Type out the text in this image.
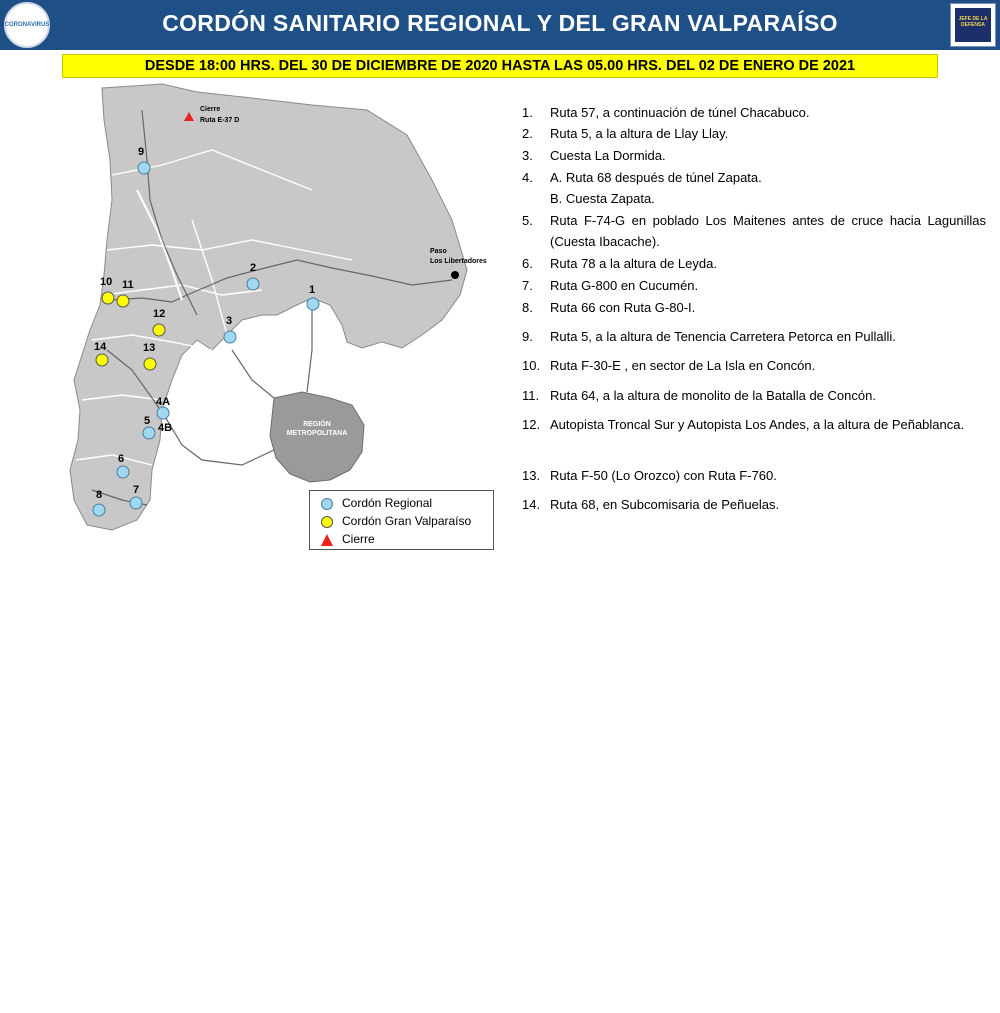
CORONAVIRUS	CORDÓN SANITARIO REGIONAL Y DEL GRAN VALPARAÍSO	JEFE DE LA DEFENSA
DESDE 18:00 HRS. DEL 30 DE DICIEMBRE DE 2020 HASTA LAS 05.00 HRS. DEL 02 DE ENERO DE 2021
REGIÓN
METROPOLITANA
Cierre
Ruta E-37 D
Paso
Los Libertadores
9
10 11
2
1
12
3
14	13
4A
5
4B
6
7
8
Cordón Regional
Cordón Gran Valparaíso
Cierre
1.	Ruta 57, a continuación de túnel Chacabuco.
2.	Ruta 5, a la altura de Llay Llay.
3.	Cuesta La Dormida.
4.	A. Ruta 68 después de túnel Zapata.
B. Cuesta Zapata.
5.	Ruta F-74-G en poblado Los Maitenes antes de cruce hacia Lagunillas (Cuesta Ibacache).
6.	Ruta 78 a la altura de Leyda.
7.	Ruta G-800 en Cucumén.
8.	Ruta 66 con Ruta G-80-I.
9.	Ruta 5, a la altura de Tenencia Carretera Petorca en Pullalli.
10. Ruta F-30-E , en sector de La Isla en Concón.
11. Ruta 64, a la altura de monolito de la Batalla de Concón.
12. Autopista Troncal Sur y Autopista Los Andes, a la altura de Peñablanca.
13. Ruta F-50 (Lo Orozco) con Ruta F-760.
14. Ruta 68, en Subcomisaria de Peñuelas.
